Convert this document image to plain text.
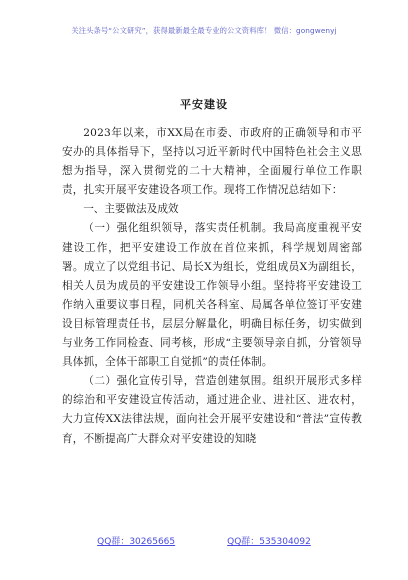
关注头条号“公文研究”，获得最新最全最专业的公文资料库！ 微信：gongwenyj
平安建设

2023年以来，市XX局在市委、市政府的正确领导和市平安办的具体指导下，坚持以习近平新时代中国特色社会主义思想为指导，深入贯彻党的二十大精神，全面履行单位工作职责，扎实开展平安建设各项工作。现将工作情况总结如下：

一、主要做法及成效

（一）强化组织领导，落实责任机制。我局高度重视平安建设工作，把平安建设工作放在首位来抓，科学规划周密部署。成立了以党组书记、局长X为组长，党组成员X为副组长，相关人员为成员的平安建设工作领导小组。坚持将平安建设工作纳入重要议事日程，同机关各科室、局属各单位签订平安建设目标管理责任书，层层分解量化，明确目标任务，切实做到与业务工作同检查、同考核，形成“主要领导亲自抓，分管领导具体抓，全体干部职工自觉抓”的责任体制。

（二）强化宣传引导，营造创建氛围。组织开展形式多样的综治和平安建设宣传活动，通过进企业、进社区、进农村，大力宣传XX法律法规，面向社会开展平安建设和“普法”宣传教育，不断提高广大群众对平安建设的知晓

QQ群：30265665	QQ群：535304092
